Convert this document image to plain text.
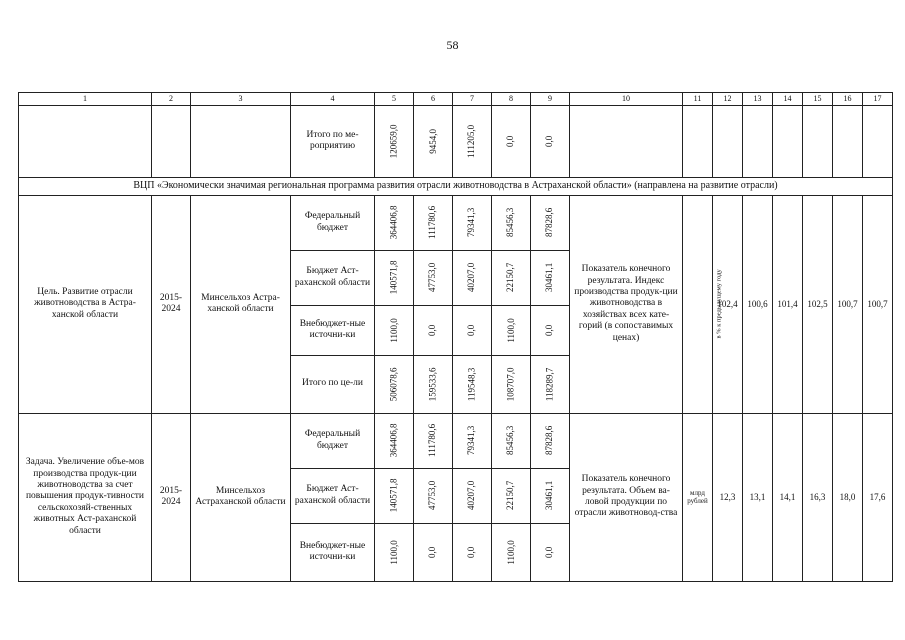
58
1	2	3	4	5	6	7	8	9	10	11	12	13	14	15	16	17
			Итого по ме-роприятию	120659,0	9454,0	111205,0	0,0	0,0								
ВЦП «Экономически значимая региональная программа развития отрасли животноводства в Астраханской области» (направлена на развитие отрасли)																
Цель. Развитие отрасли животноводства в Астра-ханской области	2015-2024	Минсельхоз Астра-ханской области	Федеральный бюджет	364406,8	111780,6	79341,3	85456,3	87828,6	Показатель конечного результата. Индекс производства продук-ции животноводства в хозяйствах всех кате-горий (в сопоставимых ценах)	в % к предыдущему году	102,4	100,6	101,4	102,5	100,7	100,7
			Бюджет Аст-раханской области	140571,8	47753,0	40207,0	22150,7	30461,1								
			Внебюджет-ные источни-ки	1100,0	0,0	0,0	1100,0	0,0								
			Итого по це-ли	506078,6	159533,6	119548,3	108707,0	118289,7								
Задача. Увеличение объе-мов производства продук-ции животноводства за счет повышения продук-тивности сельскохозяй-ственных животных Аст-раханской области	2015-2024	Минсельхоз Астраханской области	Федеральный бюджет	364406,8	111780,6	79341,3	85456,3	87828,6	Показатель конечного результата. Объем ва-ловой продукции по отрасли животновод-ства	млрд рублей	12,3	13,1	14,1	16,3	18,0	17,6
			Бюджет Аст-раханской области	140571,8	47753,0	40207,0	22150,7	30461,1								
			Внебюджет-ные источни-ки	1100,0	0,0	0,0	1100,0	0,0								
